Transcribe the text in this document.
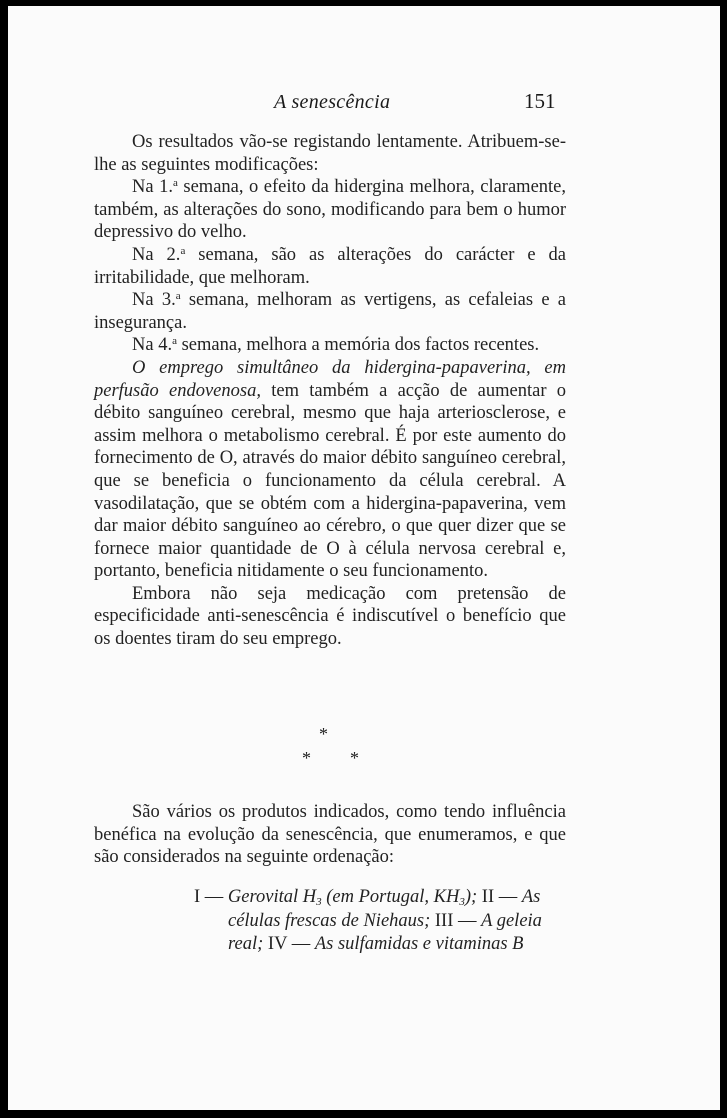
A senescência	151

Os resultados vão-se registando lentamente. Atribuem-se-lhe as seguintes modificações:

Na 1.$^a$ semana, o efeito da hidergina melhora, claramente, também, as alterações do sono, modificando para bem o humor depressivo do velho.

Na 2.$^a$ semana, são as alterações do carácter e da irritabilidade, que melhoram.

Na 3.$^a$ semana, melhoram as vertigens, as cefaleias e a insegurança.

Na 4.$^a$ semana, melhora a memória dos factos recentes.

O emprego simultâneo da hidergina-papaverina, em perfusão endovenosa, tem também a acção de aumentar o débito sanguíneo cerebral, mesmo que haja arteriosclerose, e assim melhora o metabolismo cerebral. É por este aumento do fornecimento de O, através do maior débito sanguíneo cerebral, que se beneficia o funcionamento da célula cerebral. A vasodilatação, que se obtém com a hidergina-papaverina, vem dar maior débito sanguíneo ao cérebro, o que quer dizer que se fornece maior quantidade de O à célula nervosa cerebral e, portanto, beneficia nitidamente o seu funcionamento.

Embora não seja medicação com pretensão de especificidade anti-senescência é indiscutível o benefício que os doentes tiram do seu emprego.

*
* *

São vários os produtos indicados, como tendo influência benéfica na evolução da senescência, que enumeramos, e que são considerados na seguinte ordenação:

I — Gerovital $H_3$ (em Portugal, $KH_3$); II — As
células frescas de Niehaus; III — A geleia
real; IV — As sulfamidas e vitaminas B
